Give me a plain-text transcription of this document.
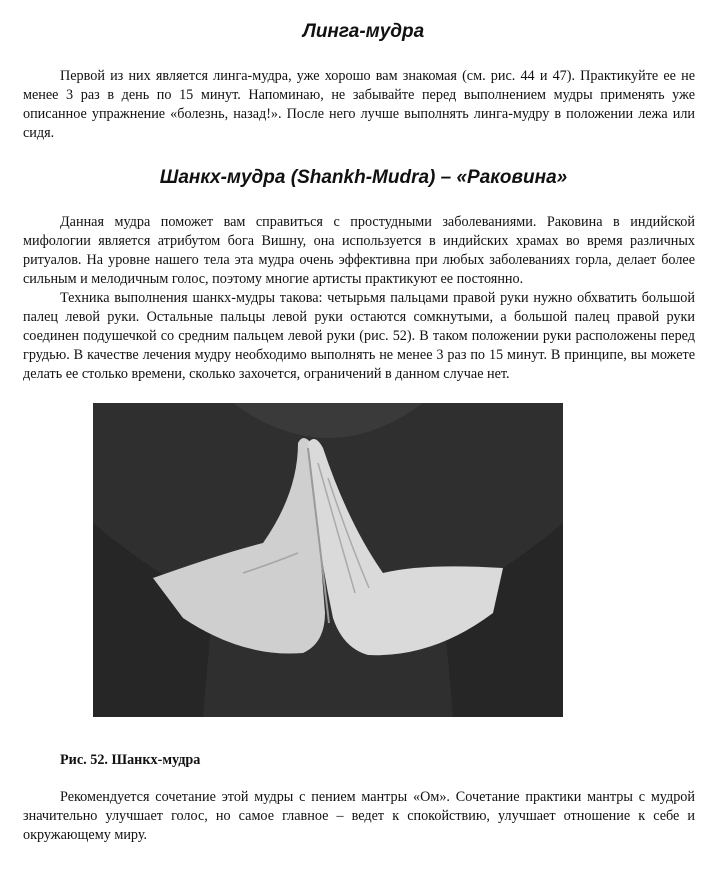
Линга-мудра

Первой из них является линга-мудра, уже хорошо вам знакомая (см. рис. 44 и 47). Практикуйте ее не менее 3 раз в день по 15 минут. Напоминаю, не забывайте перед выполнением мудры применять уже описанное упражнение «болезнь, назад!». После него лучше выполнять линга-мудру в положении лежа или сидя.

Шанкх-мудра (Shankh-Mudra) – «Раковина»

Данная мудра поможет вам справиться с простудными заболеваниями. Раковина в индийской мифологии является атрибутом бога Вишну, она используется в индийских храмах во время различных ритуалов. На уровне нашего тела эта мудра очень эффективна при любых заболеваниях горла, делает более сильным и мелодичным голос, поэтому многие артисты практикуют ее постоянно.

Техника выполнения шанкх-мудры такова: четырьмя пальцами правой руки нужно обхватить большой палец левой руки. Остальные пальцы левой руки остаются сомкнутыми, а большой палец правой руки соединен подушечкой со средним пальцем левой руки (рис. 52). В таком положении руки расположены перед грудью. В качестве лечения мудру необходимо выполнять не менее 3 раз по 15 минут. В принципе, вы можете делать ее столько времени, сколько захочется, ограничений в данном случае нет.

Рис. 52. Шанкх-мудра

Рекомендуется сочетание этой мудры с пением мантры «Ом». Сочетание практики мантры с мудрой значительно улучшает голос, но самое главное – ведет к спокойствию, улучшает отношение к себе и окружающему миру.
